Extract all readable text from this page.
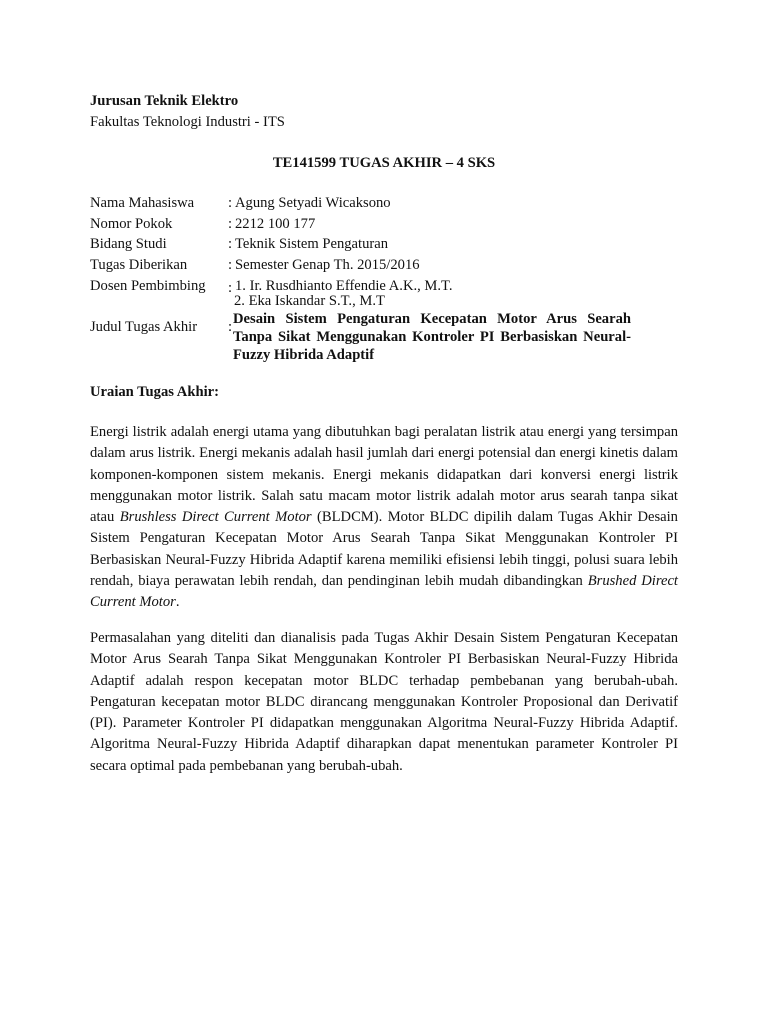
Jurusan Teknik Elektro
Fakultas Teknologi Industri - ITS
TE141599 TUGAS AKHIR – 4 SKS
Nama Mahasiswa : Agung Setyadi Wicaksono
Nomor Pokok	: 2212 100 177
Bidang Studi	: Teknik Sistem Pengaturan
Tugas Diberikan	: Semester Genap Th. 2015/2016
Dosen Pembimbing : 1. Ir. Rusdhianto Effendie A.K., M.T.
2. Eka Iskandar S.T., M.T
Judul Tugas Akhir : Desain Sistem Pengaturan Kecepatan Motor Arus Searah
Tanpa Sikat Menggunakan Kontroler PI Berbasiskan Neural-
Fuzzy Hibrida Adaptif
Uraian Tugas Akhir:
Energi listrik adalah energi utama yang dibutuhkan bagi peralatan listrik atau energi yang tersimpan dalam arus listrik. Energi mekanis adalah hasil jumlah dari energi potensial dan energi kinetis dalam komponen-komponen sistem mekanis. Energi mekanis didapatkan dari konversi energi listrik menggunakan motor listrik. Salah satu macam motor listrik adalah motor arus searah tanpa sikat atau Brushless Direct Current Motor (BLDCM). Motor BLDC dipilih dalam Tugas Akhir Desain Sistem Pengaturan Kecepatan Motor Arus Searah Tanpa Sikat Menggunakan Kontroler PI Berbasiskan Neural-Fuzzy Hibrida Adaptif karena memiliki efisiensi lebih tinggi, polusi suara lebih rendah, biaya perawatan lebih rendah, dan pendinginan lebih mudah dibandingkan Brushed Direct Current Motor.
Permasalahan yang diteliti dan dianalisis pada Tugas Akhir Desain Sistem Pengaturan Kecepatan Motor Arus Searah Tanpa Sikat Menggunakan Kontroler PI Berbasiskan Neural-Fuzzy Hibrida Adaptif adalah respon kecepatan motor BLDC terhadap pembebanan yang berubah-ubah. Pengaturan kecepatan motor BLDC dirancang menggunakan Kontroler Proposional dan Derivatif (PI). Parameter Kontroler PI didapatkan menggunakan Algoritma Neural-Fuzzy Hibrida Adaptif. Algoritma Neural-Fuzzy Hibrida Adaptif diharapkan dapat menentukan parameter Kontroler PI secara optimal pada pembebanan yang berubah-ubah.
